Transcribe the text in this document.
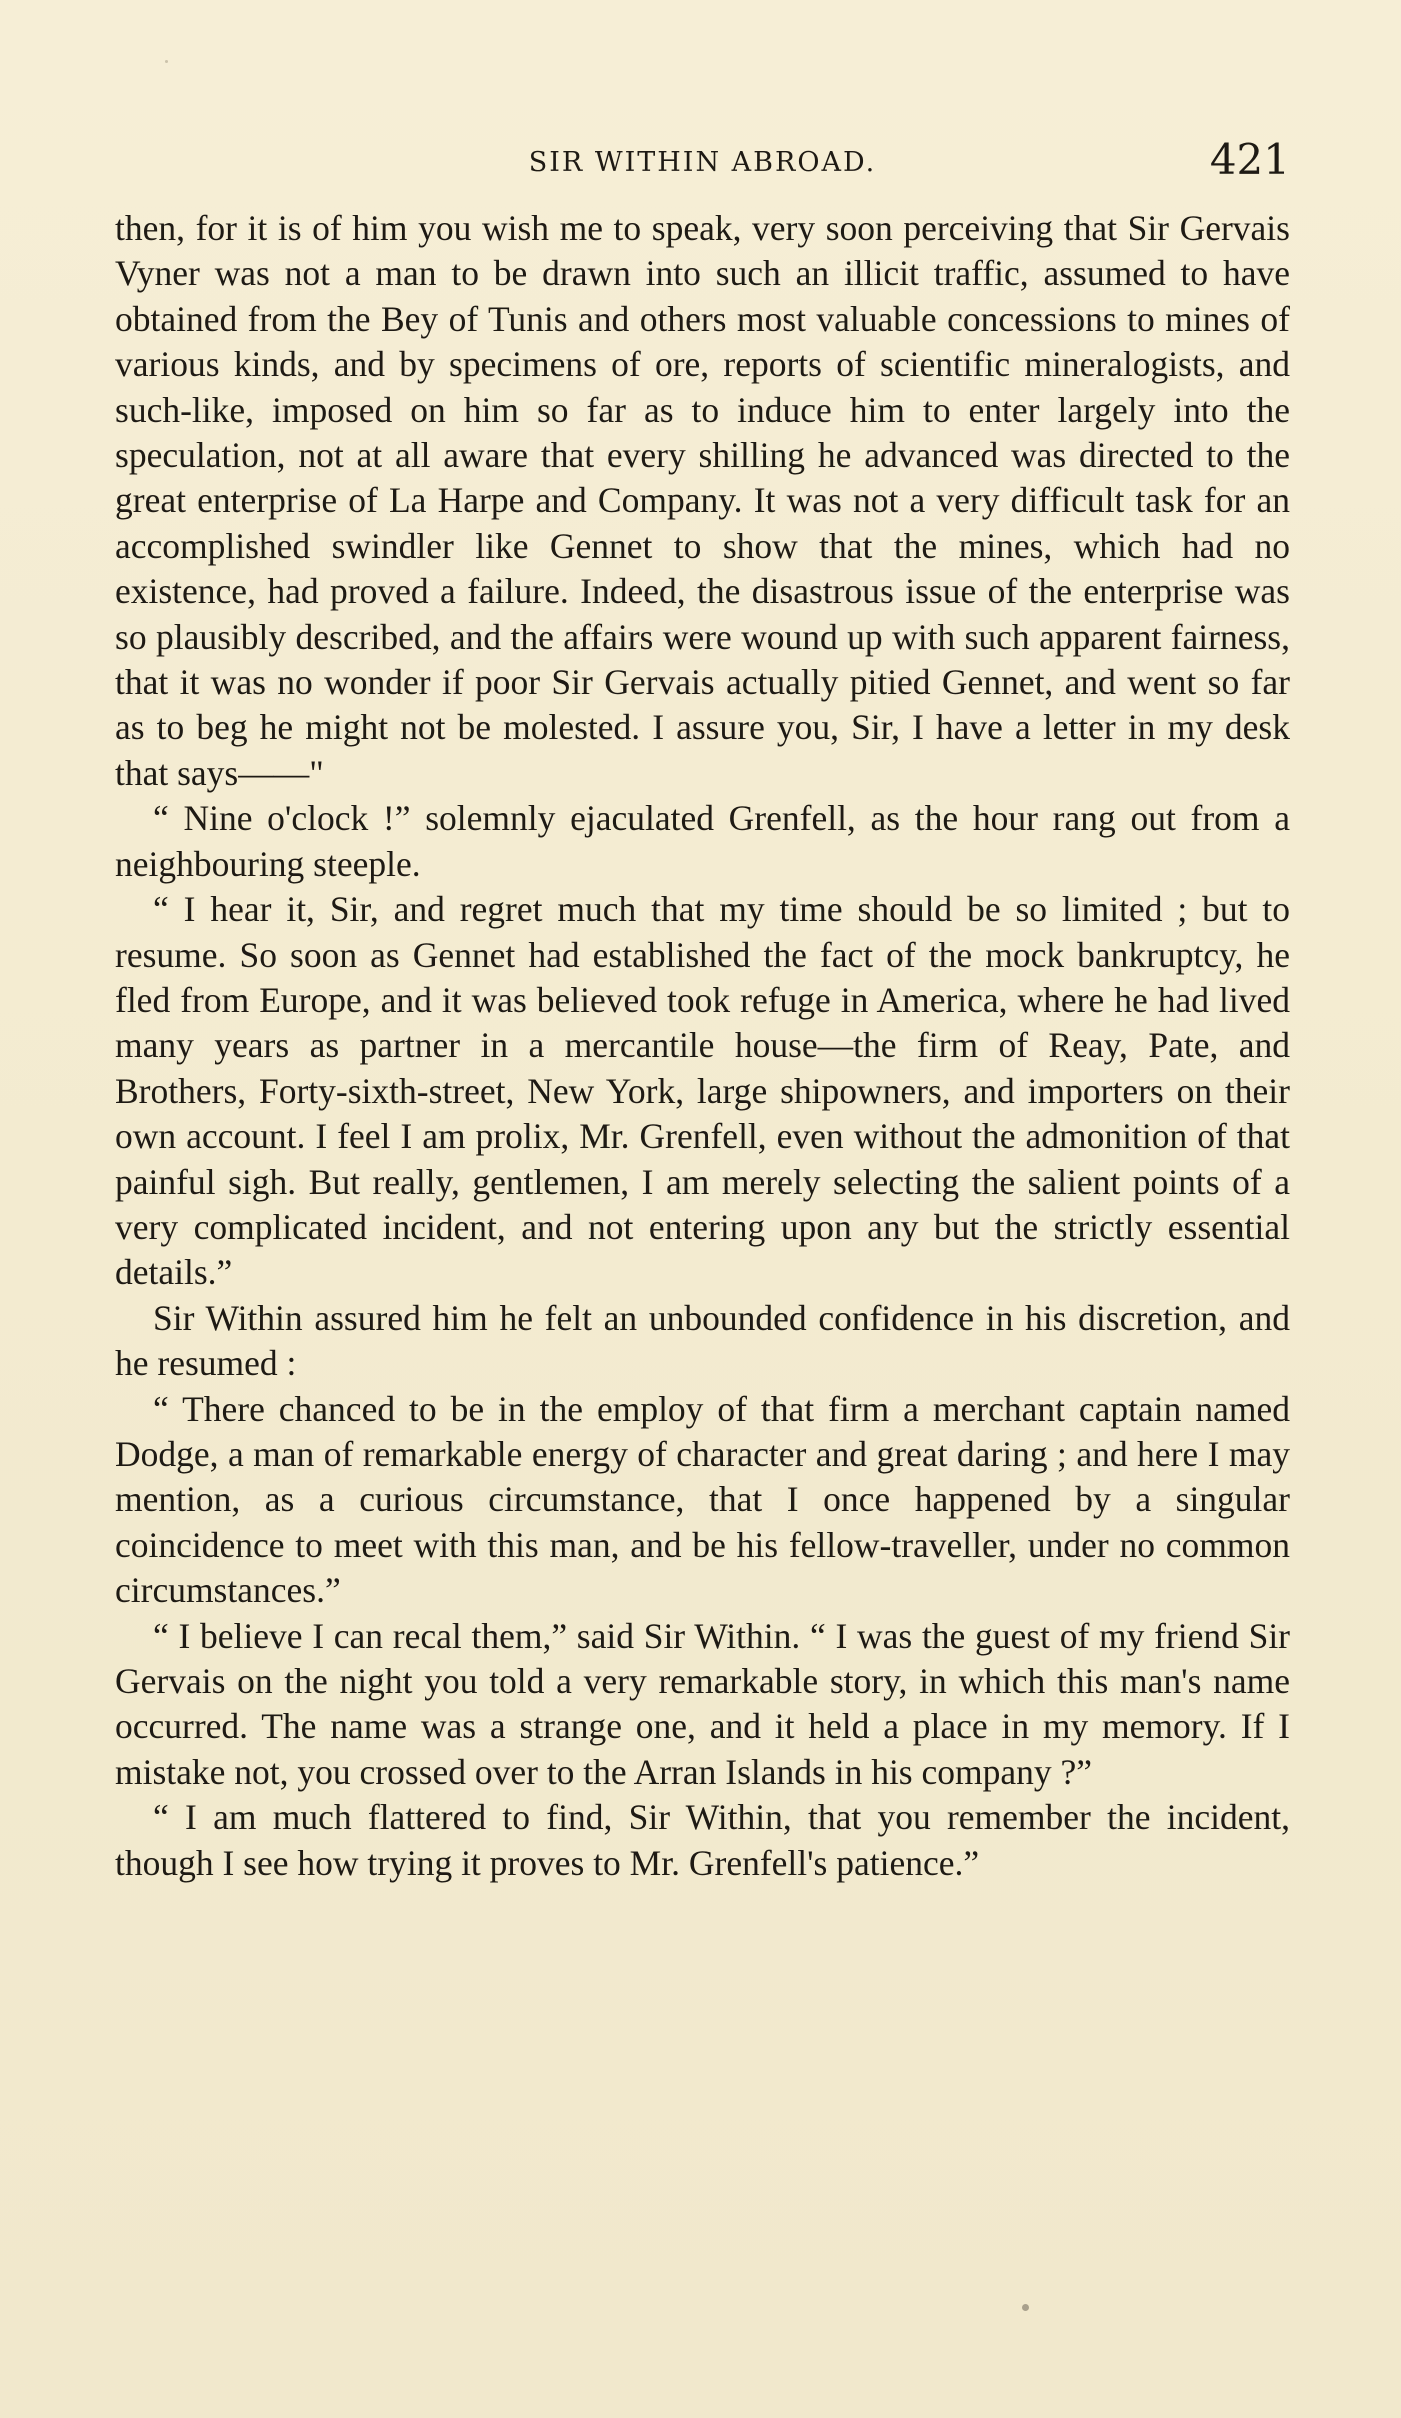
SIR WITHIN ABROAD.	421

then, for it is of him you wish me to speak, very soon perceiving that Sir Gervais Vyner was not a man to be drawn into such an illicit traffic, assumed to have obtained from the Bey of Tunis and others most valuable concessions to mines of various kinds, and by specimens of ore, reports of scientific mineralogists, and such-like, imposed on him so far as to induce him to enter largely into the speculation, not at all aware that every shilling he advanced was directed to the great enterprise of La Harpe and Company. It was not a very difficult task for an accomplished swindler like Gennet to show that the mines, which had no existence, had proved a failure. Indeed, the disastrous issue of the enterprise was so plausibly described, and the affairs were wound up with such apparent fairness, that it was no wonder if poor Sir Gervais actually pitied Gennet, and went so far as to beg he might not be molested. I assure you, Sir, I have a letter in my desk that says——"

“ Nine o'clock !” solemnly ejaculated Grenfell, as the hour rang out from a neighbouring steeple.

“ I hear it, Sir, and regret much that my time should be so limited ; but to resume. So soon as Gennet had established the fact of the mock bankruptcy, he fled from Europe, and it was believed took refuge in America, where he had lived many years as partner in a mercantile house—the firm of Reay, Pate, and Brothers, Forty-sixth-street, New York, large shipowners, and importers on their own account. I feel I am prolix, Mr. Grenfell, even without the admonition of that painful sigh. But really, gentlemen, I am merely selecting the salient points of a very complicated incident, and not entering upon any but the strictly essential details.”

Sir Within assured him he felt an unbounded confidence in his discretion, and he resumed :

“ There chanced to be in the employ of that firm a merchant captain named Dodge, a man of remarkable energy of character and great daring ; and here I may mention, as a curious circumstance, that I once happened by a singular coincidence to meet with this man, and be his fellow-traveller, under no common circumstances.”

“ I believe I can recal them,” said Sir Within. “ I was the guest of my friend Sir Gervais on the night you told a very remarkable story, in which this man's name occurred. The name was a strange one, and it held a place in my memory. If I mistake not, you crossed over to the Arran Islands in his company ?”

“ I am much flattered to find, Sir Within, that you remember the incident, though I see how trying it proves to Mr. Grenfell's patience.”
